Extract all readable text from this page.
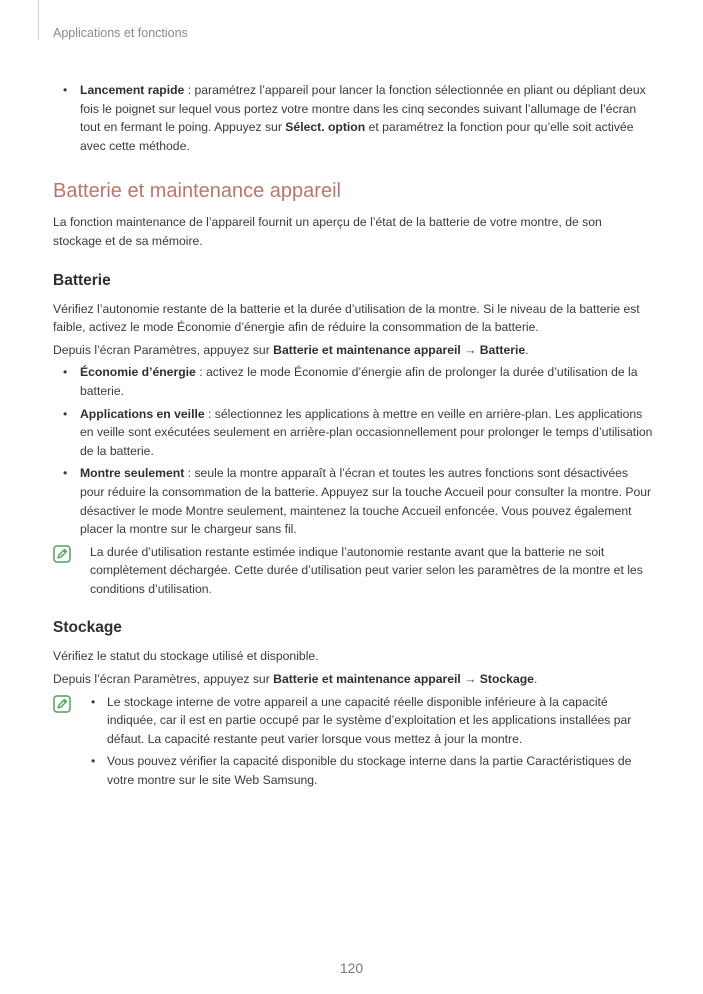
Applications et fonctions
• Lancement rapide : paramétrez l’appareil pour lancer la fonction sélectionnée en pliant ou dépliant deux fois le poignet sur lequel vous portez votre montre dans les cinq secondes suivant l’allumage de l’écran tout en fermant le poing. Appuyez sur Sélect. option et paramétrez la fonction pour qu’elle soit activée avec cette méthode.
Batterie et maintenance appareil

La fonction maintenance de l’appareil fournit un aperçu de l’état de la batterie de votre montre, de son stockage et de sa mémoire.

Batterie

Vérifiez l’autonomie restante de la batterie et la durée d’utilisation de la montre. Si le niveau de la batterie est faible, activez le mode Économie d’énergie afin de réduire la consommation de la batterie.

Depuis l’écran Paramètres, appuyez sur Batterie et maintenance appareil → Batterie.

• Économie d’énergie : activez le mode Économie d’énergie afin de prolonger la durée d’utilisation de la batterie.
• Applications en veille : sélectionnez les applications à mettre en veille en arrière-plan. Les applications en veille sont exécutées seulement en arrière-plan occasionnellement pour prolonger le temps d’utilisation de la batterie.
• Montre seulement : seule la montre apparaît à l’écran et toutes les autres fonctions sont désactivées pour réduire la consommation de la batterie. Appuyez sur la touche Accueil pour consulter la montre. Pour désactiver le mode Montre seulement, maintenez la touche Accueil enfoncée. Vous pouvez également placer la montre sur le chargeur sans fil.
La durée d’utilisation restante estimée indique l’autonomie restante avant que la batterie ne soit complètement déchargée. Cette durée d’utilisation peut varier selon les paramètres de la montre et les conditions d’utilisation.
Stockage

Vérifiez le statut du stockage utilisé et disponible.

Depuis l’écran Paramètres, appuyez sur Batterie et maintenance appareil → Stockage.

• Le stockage interne de votre appareil a une capacité réelle disponible inférieure à la capacité indiquée, car il est en partie occupé par le système d’exploitation et les applications installées par défaut. La capacité restante peut varier lorsque vous mettez à jour la montre.
• Vous pouvez vérifier la capacité disponible du stockage interne dans la partie Caractéristiques de votre montre sur le site Web Samsung.
120
